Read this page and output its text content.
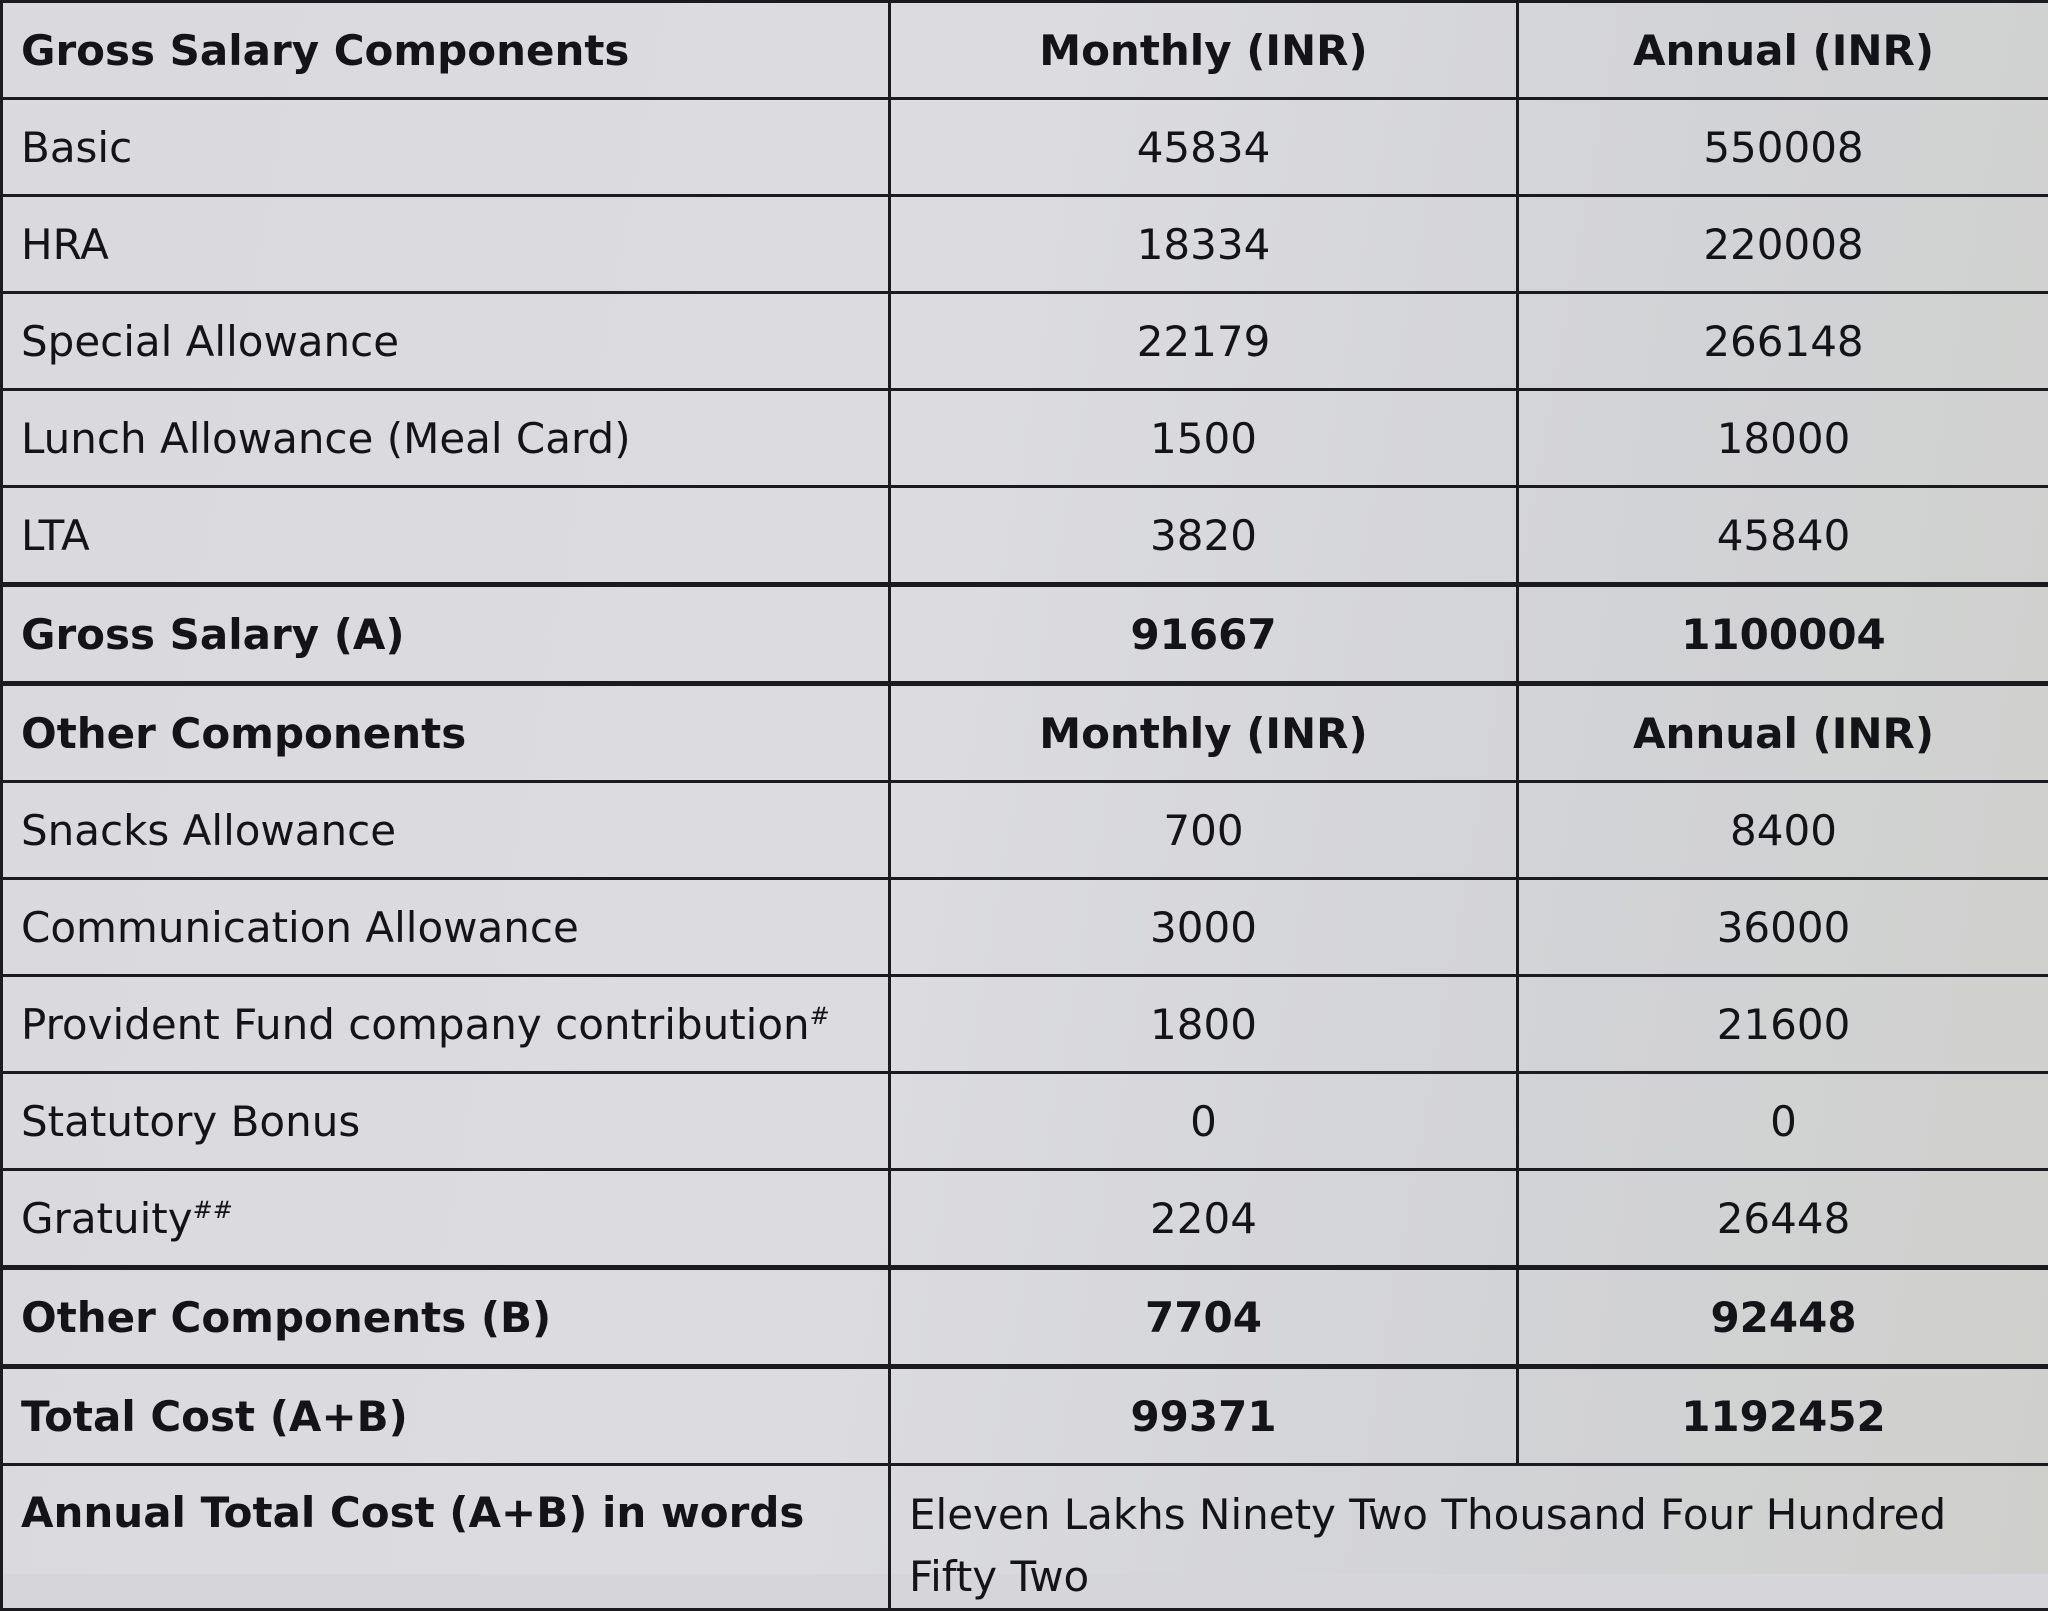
Gross Salary Components	Monthly (INR)	Annual (INR)
Basic	45834	550008
HRA	18334	220008
Special Allowance	22179	266148
Lunch Allowance (Meal Card)	1500	18000
LTA	3820	45840
Gross Salary (A)	91667	1100004
Other Components	Monthly (INR)	Annual (INR)
Snacks Allowance	700	8400
Communication Allowance	3000	36000
Provident Fund company contribution#	1800	21600
Statutory Bonus	0	0
Gratuity##	2204	26448
Other Components (B)	7704	92448
Total Cost (A+B)	99371	1192452
Annual Total Cost (A+B) in words	Eleven Lakhs Ninety Two Thousand Four Hundred Fifty Two	
